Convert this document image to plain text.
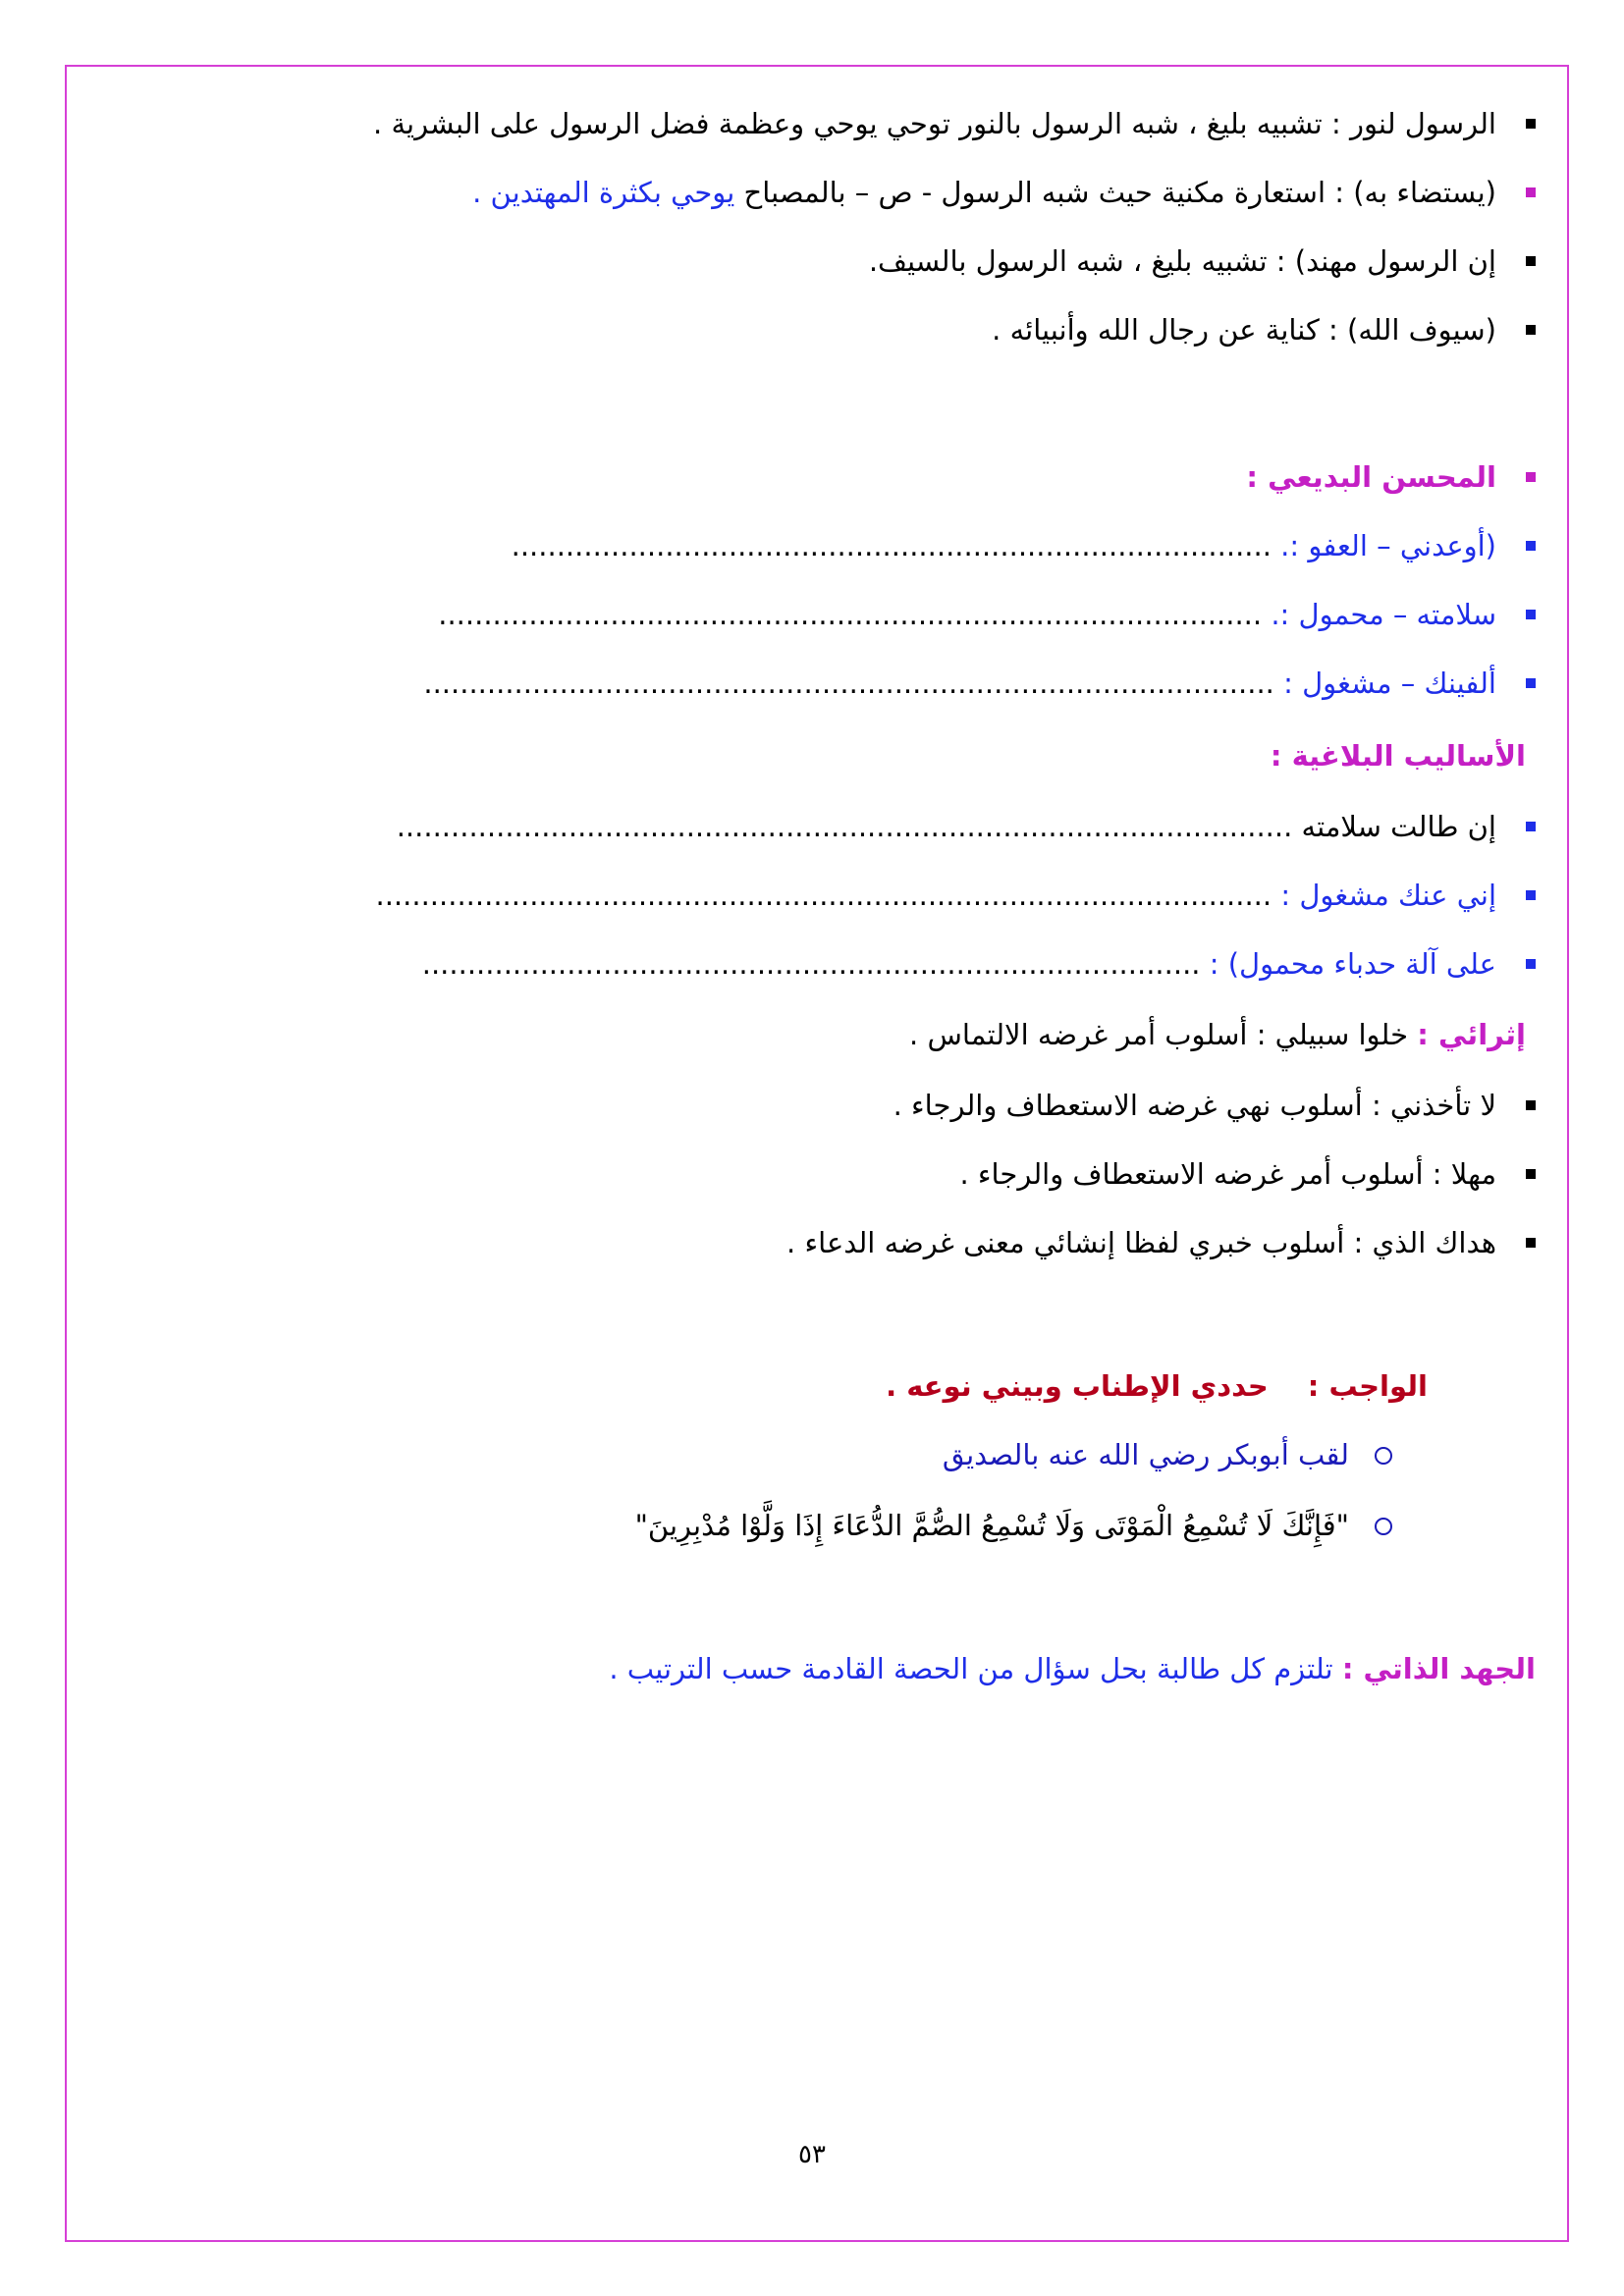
الرسول لنور : تشبيه بليغ ، شبه الرسول بالنور توحي يوحي وعظمة فضل الرسول على البشرية .
(يستضاء به) : استعارة مكنية حيث شبه الرسول - ص – بالمصباح يوحي بكثرة المهتدين .
إن الرسول مهند) : تشبيه بليغ ، شبه الرسول بالسيف.
(سيوف الله) : كناية عن رجال الله وأنبيائه .
المحسن البديعي :
(أوعدني – العفو :. ....................................................................................
سلامته – محمول :. ...........................................................................................
ألفينك – مشغول : ..............................................................................................
الأساليب البلاغية :
إن طالت سلامته ...................................................................................................
إني عنك مشغول : ...................................................................................................
على آلة حدباء محمول) : ......................................................................................
إثرائي : خلوا سبيلي : أسلوب أمر غرضه الالتماس .
لا تأخذني : أسلوب نهي غرضه الاستعطاف والرجاء .
مهلا : أسلوب أمر غرضه الاستعطاف والرجاء .
هداك الذي : أسلوب خبري لفظا إنشائي معنى غرضه الدعاء .
الواجب :حددي الإطناب وبيني نوعه .
لقب أبوبكر رضي الله عنه بالصديق
"فَإِنَّكَ لَا تُسْمِعُ الْمَوْتَى وَلَا تُسْمِعُ الصُّمَّ الدُّعَاءَ إِذَا وَلَّوْا مُدْبِرِينَ"
الجهد الذاتي : تلتزم كل طالبة بحل سؤال من الحصة القادمة حسب الترتيب .
٥٣
